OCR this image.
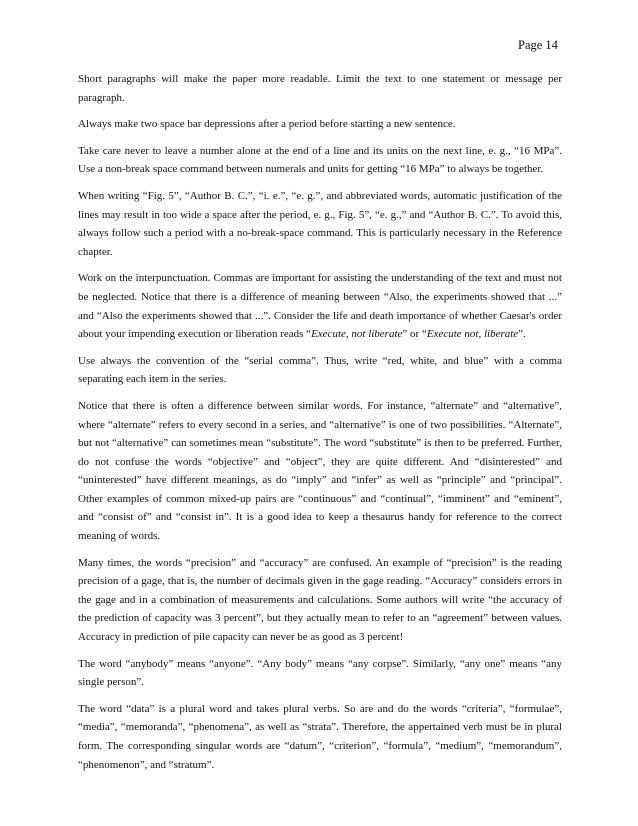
Page 14

Short paragraphs will make the paper more readable. Limit the text to one statement or message per paragraph.

Always make two space bar depressions after a period before starting a new sentence.

Take care never to leave a number alone at the end of a line and its units on the next line, e. g., “16 MPa”. Use a non-break space command between numerals and units for getting “16 MPa” to always be together.

When writing “Fig. 5”, “Author B. C.”, “i. e.”, “e. g.”, and abbreviated words, automatic justification of the lines may result in too wide a space after the period, e. g., Fig. 5”, “e. g.,” and “Author B. C.”. To avoid this, always follow such a period with a no-break-space command. This is particularly necessary in the Reference chapter.

Work on the interpunctuation. Commas are important for assisting the understanding of the text and must not be neglected. Notice that there is a difference of meaning between “Also, the experiments showed that ...” and “Also the experiments showed that ...”. Consider the life and death importance of whether Caesar's order about your impending execution or liberation reads “Execute, not liberate” or “Execute not, liberate”.

Use always the convention of the “serial comma”. Thus, write “red, white, and blue” with a comma separating each item in the series.

Notice that there is often a difference between similar words. For instance, “alternate” and “alternative”, where “alternate” refers to every second in a series, and “alternative” is one of two possibilities. “Alternate”, but not “alternative” can sometimes mean “substitute”. The word “substitute” is then to be preferred. Further, do not confuse the words “objective” and “object”, they are quite different. And “disinterested” and “uninterested” have different meanings, as do “imply” and “infer” as well as “principle” and “principal”. Other examples of common mixed-up pairs are “continuous” and “continual”, “imminent” and “eminent”, and “consist of” and “consist in”. It is a good idea to keep a thesaurus handy for reference to the correct meaning of words.

Many times, the words “precision” and “accuracy” are confused. An example of “precision” is the reading precision of a gage, that is, the number of decimals given in the gage reading. “Accuracy” considers errors in the gage and in a combination of measurements and calculations. Some authors will write “the accuracy of the prediction of capacity was 3 percent”, but they actually mean to refer to an “agreement” between values. Accuracy in prediction of pile capacity can never be as good as 3 percent!

The word “anybody” means “anyone”. “Any body” means “any corpse”. Similarly, “any one” means “any single person”.

The word “data” is a plural word and takes plural verbs. So are and do the words “criteria”, “formulae”, “media”, “memoranda”, “phenomena”, as well as “strata”. Therefore, the appertained verb must be in plural form. The corresponding singular words are “datum”, “criterion”, “formula”, “medium”, “memorandum”, “phenomenon”, and “stratum”.
